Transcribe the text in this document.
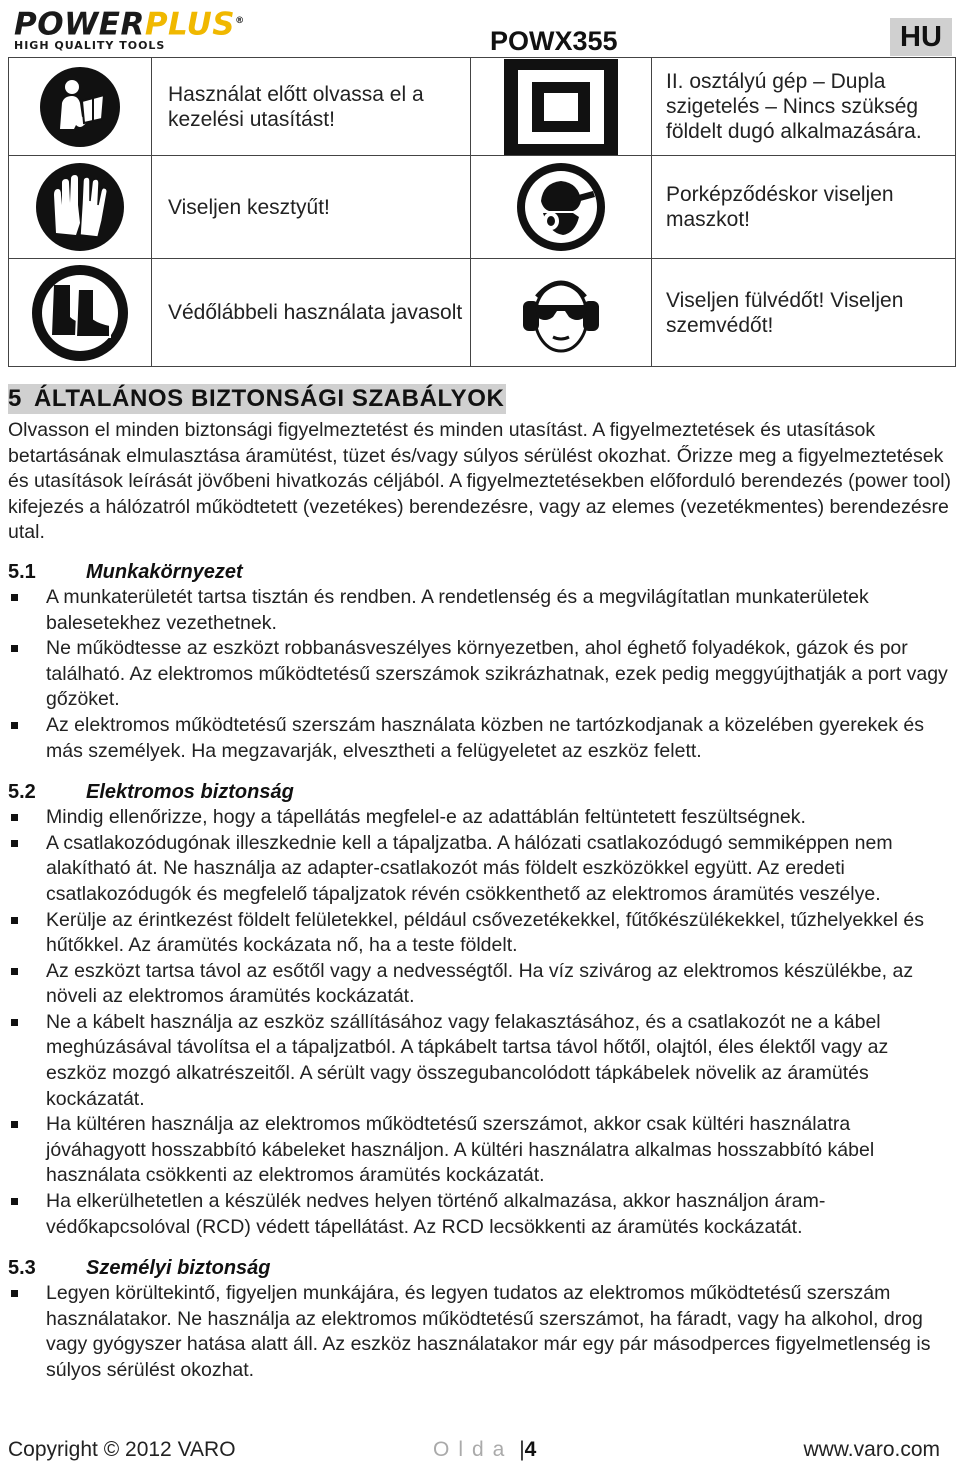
POWERPLUS®
HIGH QUALITY TOOLS	POWX355	HU
	Használat előtt olvassa el a kezelési utasítást!		II. osztályú gép – Dupla szigetelés – Nincs szükség földelt dugó alkalmazására.

	Viseljen kesztyűt!		Porképződéskor viseljen maszkot!

	Védőlábbeli használata javasolt		Viseljen fülvédőt! Viseljen szemvédőt!
5 ÁLTALÁNOS BIZTONSÁGI SZABÁLYOK

Olvasson el minden biztonsági figyelmeztetést és minden utasítást. A figyelmeztetések és utasítások betartásának elmulasztása áramütést, tüzet és/vagy súlyos sérülést okozhat. Őrizze meg a figyelmeztetések és utasítások leírását jövőbeni hivatkozás céljából. A figyelmeztetésekben előforduló berendezés (power tool) kifejezés a hálózatról működtetett (vezetékes) berendezésre, vagy az elemes (vezetékmentes) berendezésre utal.

5.1	Munkakörnyezet
A munkaterületét tartsa tisztán és rendben. A rendetlenség és a megvilágítatlan munkaterületek balesetekhez vezethetnek.
Ne működtesse az eszközt robbanásveszélyes környezetben, ahol éghető folyadékok, gázok és por található. Az elektromos működtetésű szerszámok szikrázhatnak, ezek pedig meggyújthatják a port vagy gőzöket.
Az elektromos működtetésű szerszám használata közben ne tartózkodjanak a közelében gyerekek és más személyek. Ha megzavarják, elvesztheti a felügyeletet az eszköz felett.
5.2	Elektromos biztonság
Mindig ellenőrizze, hogy a tápellátás megfelel-e az adattáblán feltüntetett feszültségnek.
A csatlakozódugónak illeszkednie kell a tápaljzatba. A hálózati csatlakozódugó semmiképpen nem alakítható át. Ne használja az adapter-csatlakozót más földelt eszközökkel együtt. Az eredeti csatlakozódugók és megfelelő tápaljzatok révén csökkenthető az elektromos áramütés veszélye.
Kerülje az érintkezést földelt felületekkel, például csővezetékekkel, fűtőkészülékekkel, tűzhelyekkel és hűtőkkel. Az áramütés kockázata nő, ha a teste földelt.
Az eszközt tartsa távol az esőtől vagy a nedvességtől. Ha víz szivárog az elektromos készülékbe, az növeli az elektromos áramütés kockázatát.
Ne a kábelt használja az eszköz szállításához vagy felakasztásához, és a csatlakozót ne a kábel meghúzásával távolítsa el a tápaljzatból. A tápkábelt tartsa távol hőtől, olajtól, éles élektől vagy az eszköz mozgó alkatrészeitől. A sérült vagy összegubancolódott tápkábelek növelik az áramütés kockázatát.
Ha kültéren használja az elektromos működtetésű szerszámot, akkor csak kültéri használatra jóváhagyott hosszabbító kábeleket használjon. A kültéri használatra alkalmas hosszabbító kábel használata csökkenti az elektromos áramütés kockázatát.
Ha elkerülhetetlen a készülék nedves helyen történő alkalmazása, akkor használjon áram-védőkapcsolóval (RCD) védett tápellátást. Az RCD lecsökkenti az áramütés kockázatát.
5.3	Személyi biztonság
Legyen körültekintő, figyeljen munkájára, és legyen tudatos az elektromos működtetésű szerszám használatakor. Ne használja az elektromos működtetésű szerszámot, ha fáradt, vagy ha alkohol, drog vagy gyógyszer hatása alatt áll. Az eszköz használatakor már egy pár másodperces figyelmetlenség is súlyos sérülést okozhat.
Copyright © 2012 VARO	Olda |4	www.varo.com
